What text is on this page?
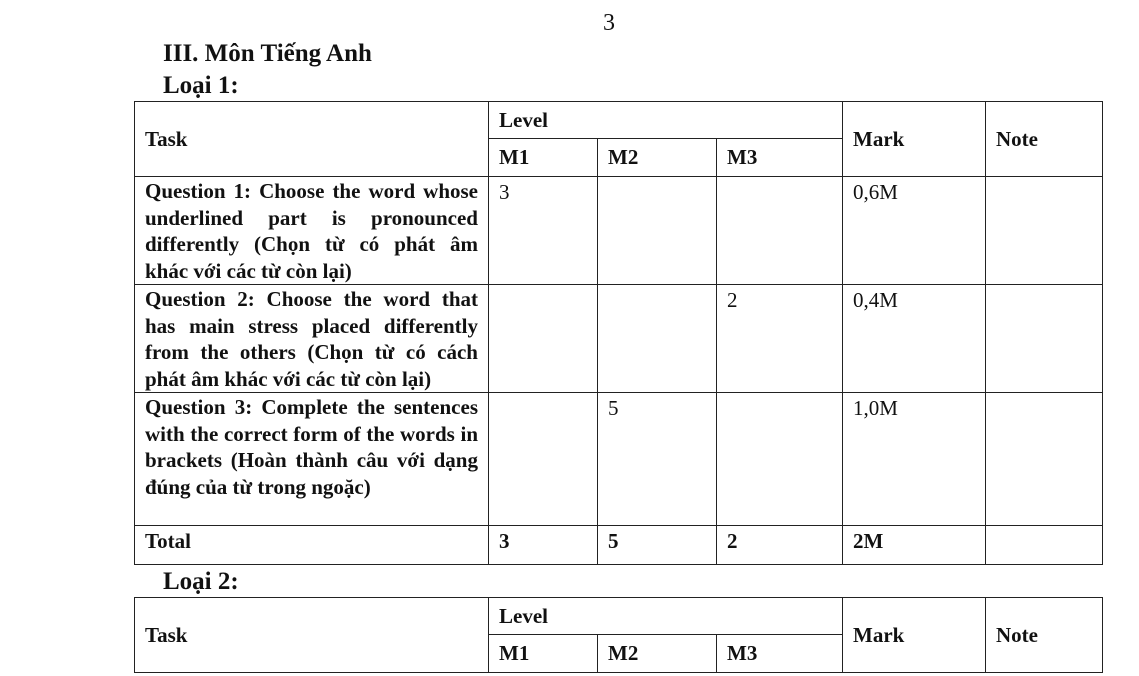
3
III. Môn Tiếng Anh
Loại 1:
Task	Level			Mark	Note
	M1	M2	M3		
Question 1: Choose the word whose underlined part is pronounced differently (Chọn từ có phát âm khác với các từ còn lại)	3			0,6M	
Question 2: Choose the word that has main stress placed differently from the others (Chọn từ có cách phát âm khác với các từ còn lại)			2	0,4M	
Question 3: Complete the sentences with the correct form of the words in brackets (Hoàn thành câu với dạng đúng của từ trong ngoặc)		5		1,0M	
Total	3	5	2	2M	
Loại 2:
Task	Level			Mark	Note
	M1	M2	M3		
